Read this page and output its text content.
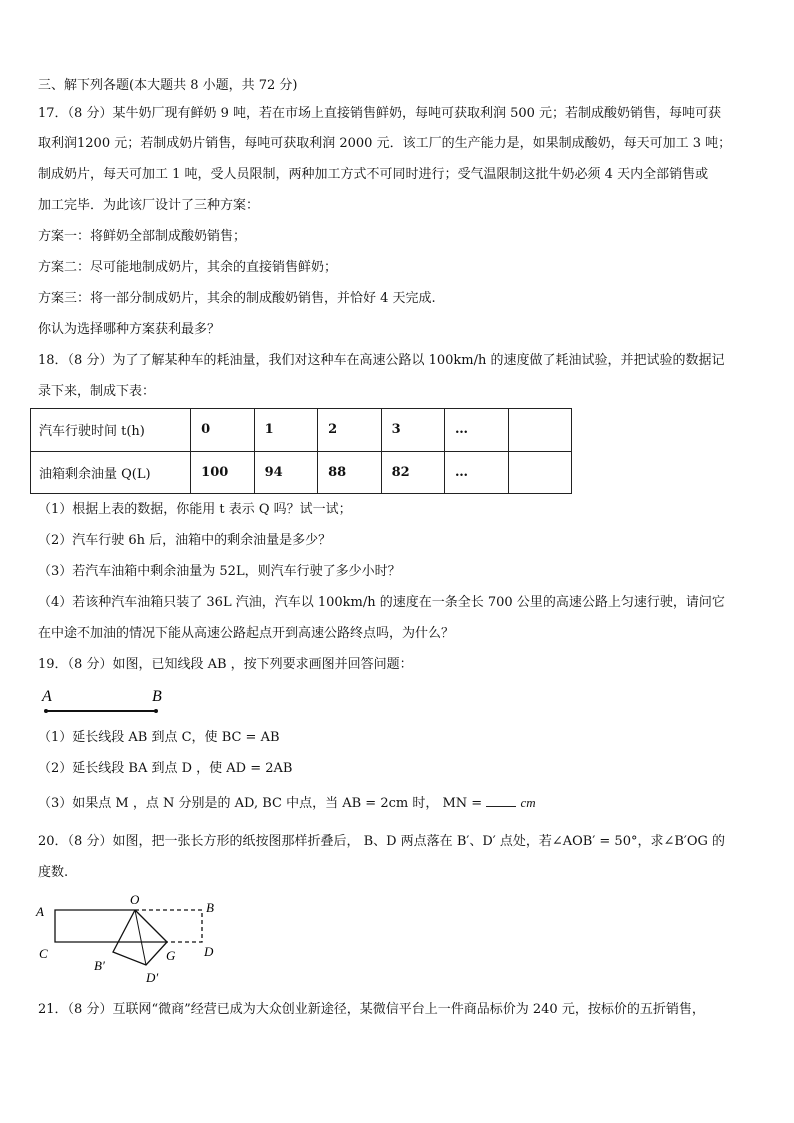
三、解下列各题(本大题共 8 小题，共 72 分)
17．（8 分）某牛奶厂现有鲜奶 9 吨，若在市场上直接销售鲜奶，每吨可获取利润 500 元；若制成酸奶销售，每吨可获
取利润1200 元；若制成奶片销售，每吨可获取利润 2000 元．该工厂的生产能力是，如果制成酸奶，每天可加工 3 吨；
制成奶片，每天可加工 1 吨，受人员限制，两种加工方式不可同时进行；受气温限制这批牛奶必须 4 天内全部销售或
加工完毕．为此该厂设计了三种方案：
方案一：将鲜奶全部制成酸奶销售；
方案二：尽可能地制成奶片，其余的直接销售鲜奶；
方案三：将一部分制成奶片，其余的制成酸奶销售，并恰好 4 天完成.
你认为选择哪种方案获利最多？
18．（8 分）为了了解某种车的耗油量，我们对这种车在高速公路以 100km/h 的速度做了耗油试验，并把试验的数据记
录下来，制成下表：
汽车行驶时间 t(h)	0	1	2	3	…	
油箱剩余油量 Q(L)	100	94	88	82	…	
（1）根据上表的数据，你能用 t 表示 Q 吗？试一试；
（2）汽车行驶 6h 后，油箱中的剩余油量是多少？
（3）若汽车油箱中剩余油量为 52L，则汽车行驶了多少小时？
（4）若该种汽车油箱只装了 36L 汽油，汽车以 100km/h 的速度在一条全长 700 公里的高速公路上匀速行驶，请问它
在中途不加油的情况下能从高速公路起点开到高速公路终点吗，为什么？
19．（8 分）如图，已知线段 AB ，按下列要求画图并回答问题：
A	B
（1）延长线段 AB 到点 C，使 BC = AB
（2）延长线段 BA 到点 D ，使 AD = 2AB
（3）如果点 M ，点 N 分别是的 AD, BC 中点，当 AB = 2cm 时， MN =	cm
20．（8 分）如图，把一张长方形的纸按图那样折叠后， B、D 两点落在 B′、D′ 点处，若∠AOB′ = 50°，求∠B′OG 的
度数.
A
C
O
B
D
G
B′
D′
21．（8 分）互联网“微商”经营已成为大众创业新途径，某微信平台上一件商品标价为 240 元，按标价的五折销售，
